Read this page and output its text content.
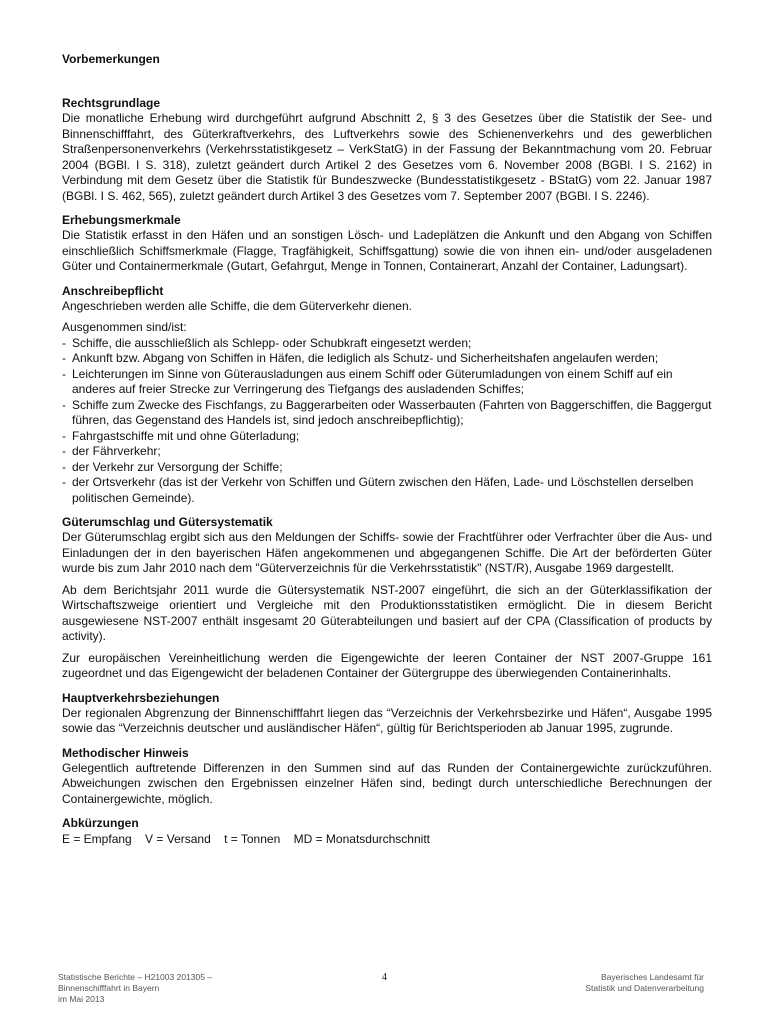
Vorbemerkungen
Rechtsgrundlage

Die monatliche Erhebung wird durchgeführt aufgrund Abschnitt 2, § 3 des Gesetzes über die Statistik der See- und Binnenschifffahrt, des Güterkraftverkehrs, des Luftverkehrs sowie des Schienenverkehrs und des gewerblichen Straßenpersonenverkehrs (Verkehrsstatistikgesetz – VerkStatG) in der Fassung der Bekanntmachung vom 20. Februar 2004 (BGBl. I S. 318), zuletzt geändert durch Artikel 2 des Gesetzes vom 6. November 2008 (BGBl. I S. 2162) in Verbindung mit dem Gesetz über die Statistik für Bundeszwecke (Bundesstatistikgesetz - BStatG) vom 22. Januar 1987 (BGBl. I S. 462, 565), zuletzt geändert durch Artikel 3 des Gesetzes vom 7. September 2007 (BGBl. I S. 2246).

Erhebungsmerkmale

Die Statistik erfasst in den Häfen und an sonstigen Lösch- und Ladeplätzen die Ankunft und den Abgang von Schiffen einschließlich Schiffsmerkmale (Flagge, Tragfähigkeit, Schiffsgattung) sowie die von ihnen ein- und/oder ausgeladenen Güter und Containermerkmale (Gutart, Gefahrgut, Menge in Tonnen, Containerart, Anzahl der Container, Ladungsart).

Anschreibepflicht

Angeschrieben werden alle Schiffe, die dem Güterverkehr dienen.

Ausgenommen sind/ist:

- Schiffe, die ausschließlich als Schlepp- oder Schubkraft eingesetzt werden;
- Ankunft bzw. Abgang von Schiffen in Häfen, die lediglich als Schutz- und Sicherheitshafen angelaufen werden;
- Leichterungen im Sinne von Güterausladungen aus einem Schiff oder Güterumladungen von einem Schiff auf ein anderes auf freier Strecke zur Verringerung des Tiefgangs des ausladenden Schiffes;
- Schiffe zum Zwecke des Fischfangs, zu Baggerarbeiten oder Wasserbauten (Fahrten von Baggerschiffen, die Baggergut führen, das Gegenstand des Handels ist, sind jedoch anschreibepflichtig);
- Fahrgastschiffe mit und ohne Güterladung;
- der Fährverkehr;
- der Verkehr zur Versorgung der Schiffe;
- der Ortsverkehr (das ist der Verkehr von Schiffen und Gütern zwischen den Häfen, Lade- und Löschstellen derselben politischen Gemeinde).
Güterumschlag und Gütersystematik

Der Güterumschlag ergibt sich aus den Meldungen der Schiffs- sowie der Frachtführer oder Verfrachter über die Aus- und Einladungen der in den bayerischen Häfen angekommenen und abgegangenen Schiffe. Die Art der beförderten Güter wurde bis zum Jahr 2010 nach dem "Güterverzeichnis für die Verkehrsstatistik" (NST/R), Ausgabe 1969 dargestellt.

Ab dem Berichtsjahr 2011 wurde die Gütersystematik NST-2007 eingeführt, die sich an der Güterklassifikation der Wirtschaftszweige orientiert und Vergleiche mit den Produktionsstatistiken ermöglicht. Die in diesem Bericht ausgewiesene NST-2007 enthält insgesamt 20 Güterabteilungen und basiert auf der CPA (Classification of products by activity).

Zur europäischen Vereinheitlichung werden die Eigengewichte der leeren Container der NST 2007-Gruppe 161 zugeordnet und das Eigengewicht der beladenen Container der Gütergruppe des überwiegenden Containerinhalts.

Hauptverkehrsbeziehungen

Der regionalen Abgrenzung der Binnenschifffahrt liegen das “Verzeichnis der Verkehrsbezirke und Häfen“, Ausgabe 1995 sowie das “Verzeichnis deutscher und ausländischer Häfen“, gültig für Berichtsperioden ab Januar 1995, zugrunde.

Methodischer Hinweis

Gelegentlich auftretende Differenzen in den Summen sind auf das Runden der Containergewichte zurückzuführen. Abweichungen zwischen den Ergebnissen einzelner Häfen sind, bedingt durch unterschiedliche Berechnungen der Containergewichte, möglich.

Abkürzungen
E = Empfang    V = Versand    t = Tonnen    MD = Monatsdurchschnitt
Statistische Berichte – H21003 201305 –
Binnenschifffahrt in Bayern
im Mai 2013
4	Bayerisches Landesamt für
Statistik und Datenverarbeitung
